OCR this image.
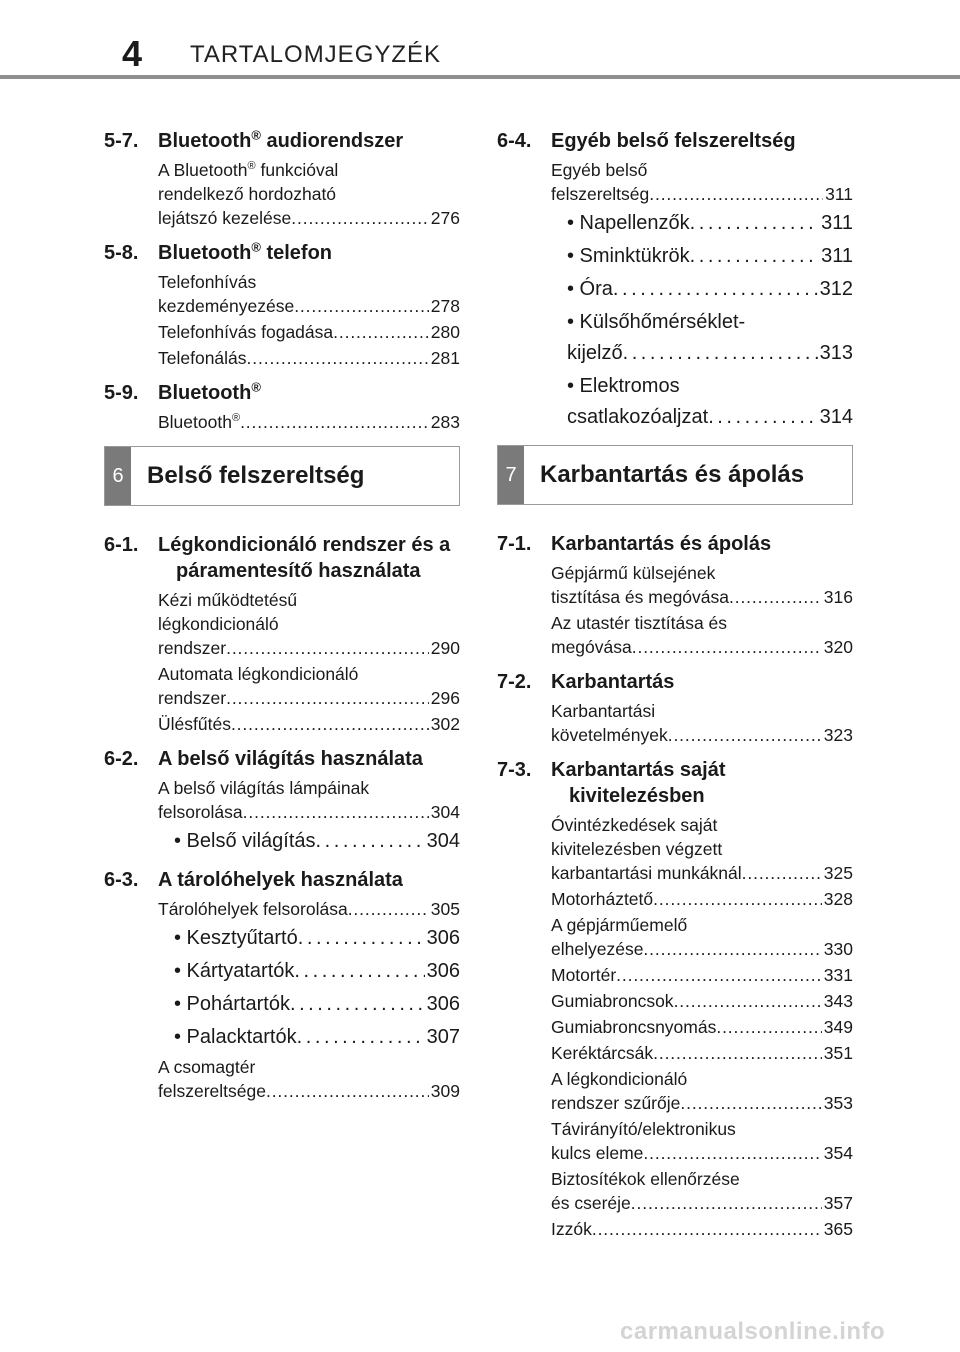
4 TARTALOMJEGYZÉK
5-7. Bluetooth® audiorendszer
A Bluetooth® funkcióval
rendelkező hordozható
lejátszó kezelése . . .	276
5-8. Bluetooth® telefon
Telefonhívás
kezdeményezése . . .	278
Telefonhívás fogadása . . .	280
Telefonálás . . .	281
5-9. Bluetooth®
Bluetooth® . . .	283
6 Belső felszereltség
6-1. Légkondicionáló rendszer és a páramentesítő használata
Kézi működtetésű
légkondicionáló
rendszer . . .	290
Automata légkondicionáló
rendszer . . .	296
Ülésfűtés . . .	302
6-2. A belső világítás használata
A belső világítás lámpáinak
felsorolása . . .	304
• Belső világítás . . .	304
6-3. A tárolóhelyek használata
Tárolóhelyek felsorolása . . .	305
• Kesztyűtartó . . .	306
• Kártyatartók . . .	306
• Pohártartók . . .	306
• Palacktartók . . .	307
A csomagtér
felszereltsége . . .	309
6-4. Egyéb belső felszereltség
Egyéb belső
felszereltség . . .	311
• Napellenzők . . .	311
• Sminktükrök . . .	311
• Óra . . .	312
• Külsőhőmérséklet-
kijelző . . .	313
• Elektromos
csatlakozóaljzat . . .	314
7 Karbantartás és ápolás
7-1. Karbantartás és ápolás
Gépjármű külsejének
tisztítása és megóvása . . .	316
Az utastér tisztítása és
megóvása . . .	320
7-2. Karbantartás
Karbantartási
követelmények . . .	323
7-3. Karbantartás saját kivitelezésben
Óvintézkedések saját
kivitelezésben végzett
karbantartási munkáknál . . .	325
Motorháztető . . .	328
A gépjárműemelő
elhelyezése . . .	330
Motortér . . .	331
Gumiabroncsok . . .	343
Gumiabroncsnyomás . . .	349
Keréktárcsák . . .	351
A légkondicionáló
rendszer szűrője . . .	353
Távirányító/elektronikus
kulcs eleme . . .	354
Biztosítékok ellenőrzése
és cseréje . . .	357
Izzók . . .	365
carmanualsonline.info
